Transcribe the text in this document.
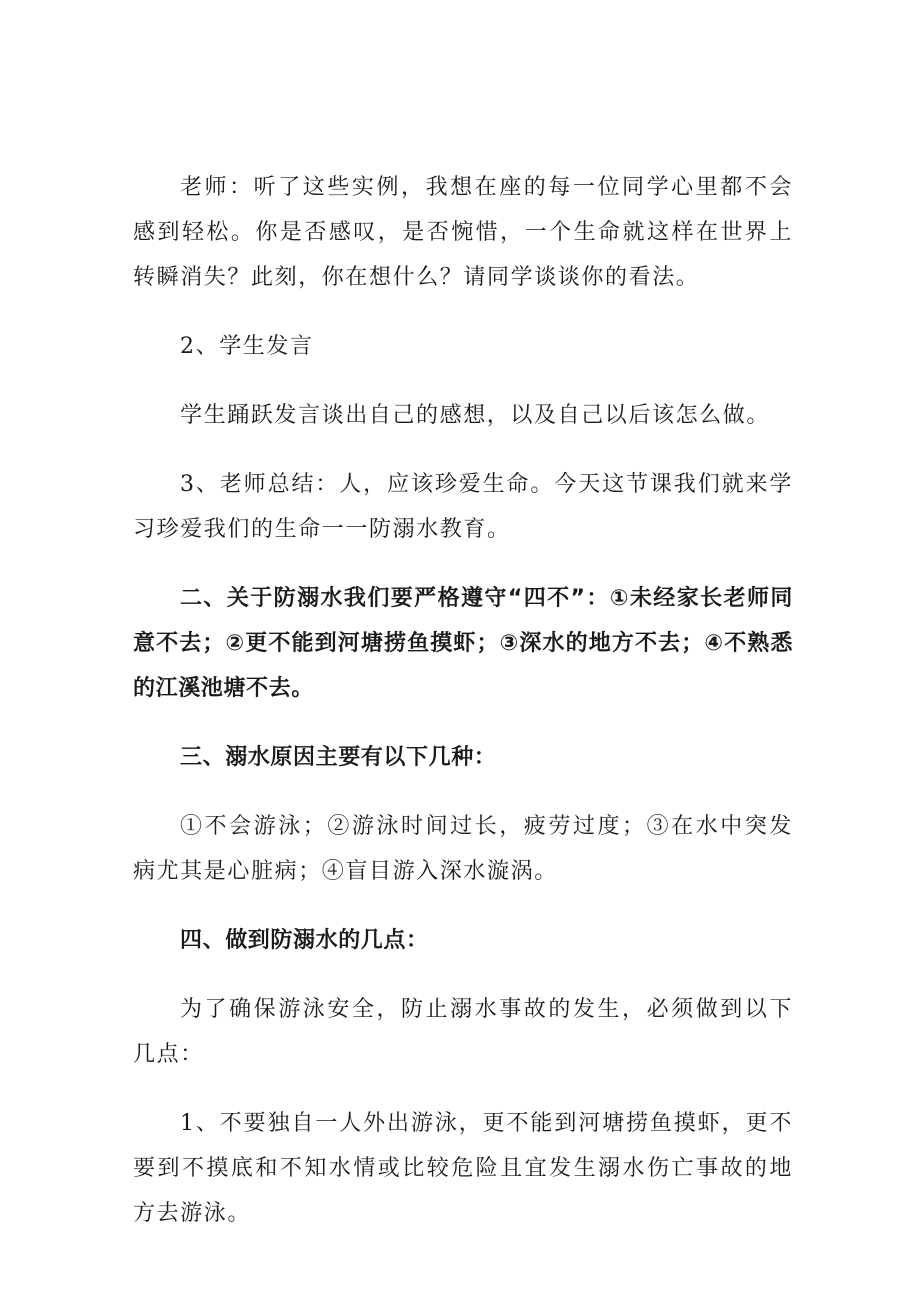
老师：听了这些实例，我想在座的每一位同学心里都不会感到轻松。你是否感叹，是否惋惜，一个生命就这样在世界上转瞬消失？此刻，你在想什么？请同学谈谈你的看法。

2、学生发言

学生踊跃发言谈出自己的感想，以及自己以后该怎么做。

3、老师总结：人，应该珍爱生命。今天这节课我们就来学习珍爱我们的生命一一防溺水教育。

二、关于防溺水我们要严格遵守“四不”：①未经家长老师同意不去；②更不能到河塘捞鱼摸虾；③深水的地方不去；④不熟悉的江溪池塘不去。

三、溺水原因主要有以下几种：

①不会游泳；②游泳时间过长，疲劳过度；③在水中突发病尤其是心脏病；④盲目游入深水漩涡。

四、做到防溺水的几点：

为了确保游泳安全，防止溺水事故的发生，必须做到以下几点：

1、不要独自一人外出游泳，更不能到河塘捞鱼摸虾，更不要到不摸底和不知水情或比较危险且宜发生溺水伤亡事故的地方去游泳。
